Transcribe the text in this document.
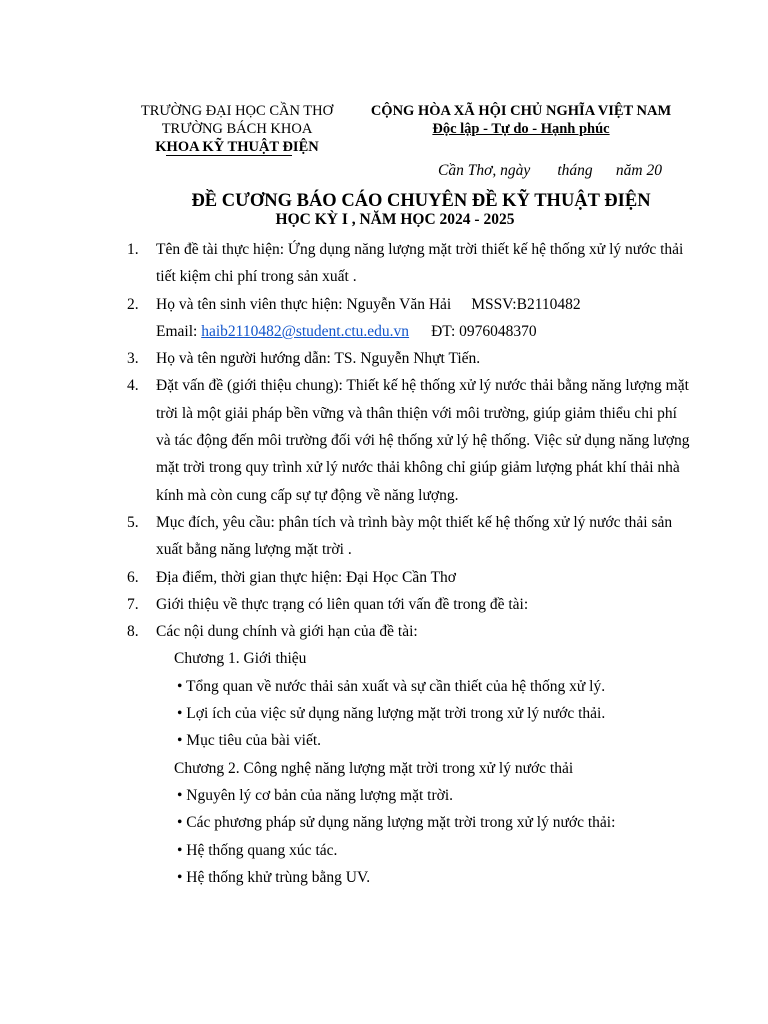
TRƯỜNG ĐẠI HỌC CẦN THƠ
TRƯỜNG BÁCH KHOA
KHOA KỸ THUẬT ĐIỆN
CỘNG HÒA XÃ HỘI CHỦ NGHĨA VIỆT NAM
Độc lập - Tự do - Hạnh phúc
Cần Thơ, ngày       tháng      năm 20
ĐỀ CƯƠNG BÁO CÁO CHUYÊN ĐỀ KỸ THUẬT ĐIỆN
HỌC KỲ I , NĂM HỌC 2024 - 2025
1.	Tên đề tài thực hiện: Ứng dụng năng lượng mặt trời thiết kế hệ thống xử lý nước thải tiết kiệm chi phí trong sản xuất .
2.	Họ và tên sinh viên thực hiện: Nguyễn Văn Hải MSSV:B2110482
Email: haib2110482@student.ctu.edu.vn ĐT: 0976048370
3.	Họ và tên người hướng dẫn: TS. Nguyễn Nhựt Tiến.
4.	Đặt vấn đề (giới thiệu chung): Thiết kế hệ thống xử lý nước thải bằng năng lượng mặt trời là một giải pháp bền vững và thân thiện với môi trường, giúp giảm thiểu chi phí và tác động đến môi trường đối với hệ thống xử lý hệ thống. Việc sử dụng năng lượng mặt trời trong quy trình xử lý nước thải không chỉ giúp giảm lượng phát khí thải nhà kính mà còn cung cấp sự tự động về năng lượng.
5.	Mục đích, yêu cầu: phân tích và trình bày một thiết kế hệ thống xử lý nước thải sản xuất bằng năng lượng mặt trời .
6.	Địa điểm, thời gian thực hiện: Đại Học Cần Thơ
7.	Giới thiệu về thực trạng có liên quan tới vấn đề trong đề tài:
8.	Các nội dung chính và giới hạn của đề tài:
Chương 1. Giới thiệu
• Tổng quan về nước thải sản xuất và sự cần thiết của hệ thống xử lý.
• Lợi ích của việc sử dụng năng lượng mặt trời trong xử lý nước thải.
• Mục tiêu của bài viết.
Chương 2. Công nghệ năng lượng mặt trời trong xử lý nước thải
• Nguyên lý cơ bản của năng lượng mặt trời.
• Các phương pháp sử dụng năng lượng mặt trời trong xử lý nước thải:
• Hệ thống quang xúc tác.
• Hệ thống khử trùng bằng UV.
